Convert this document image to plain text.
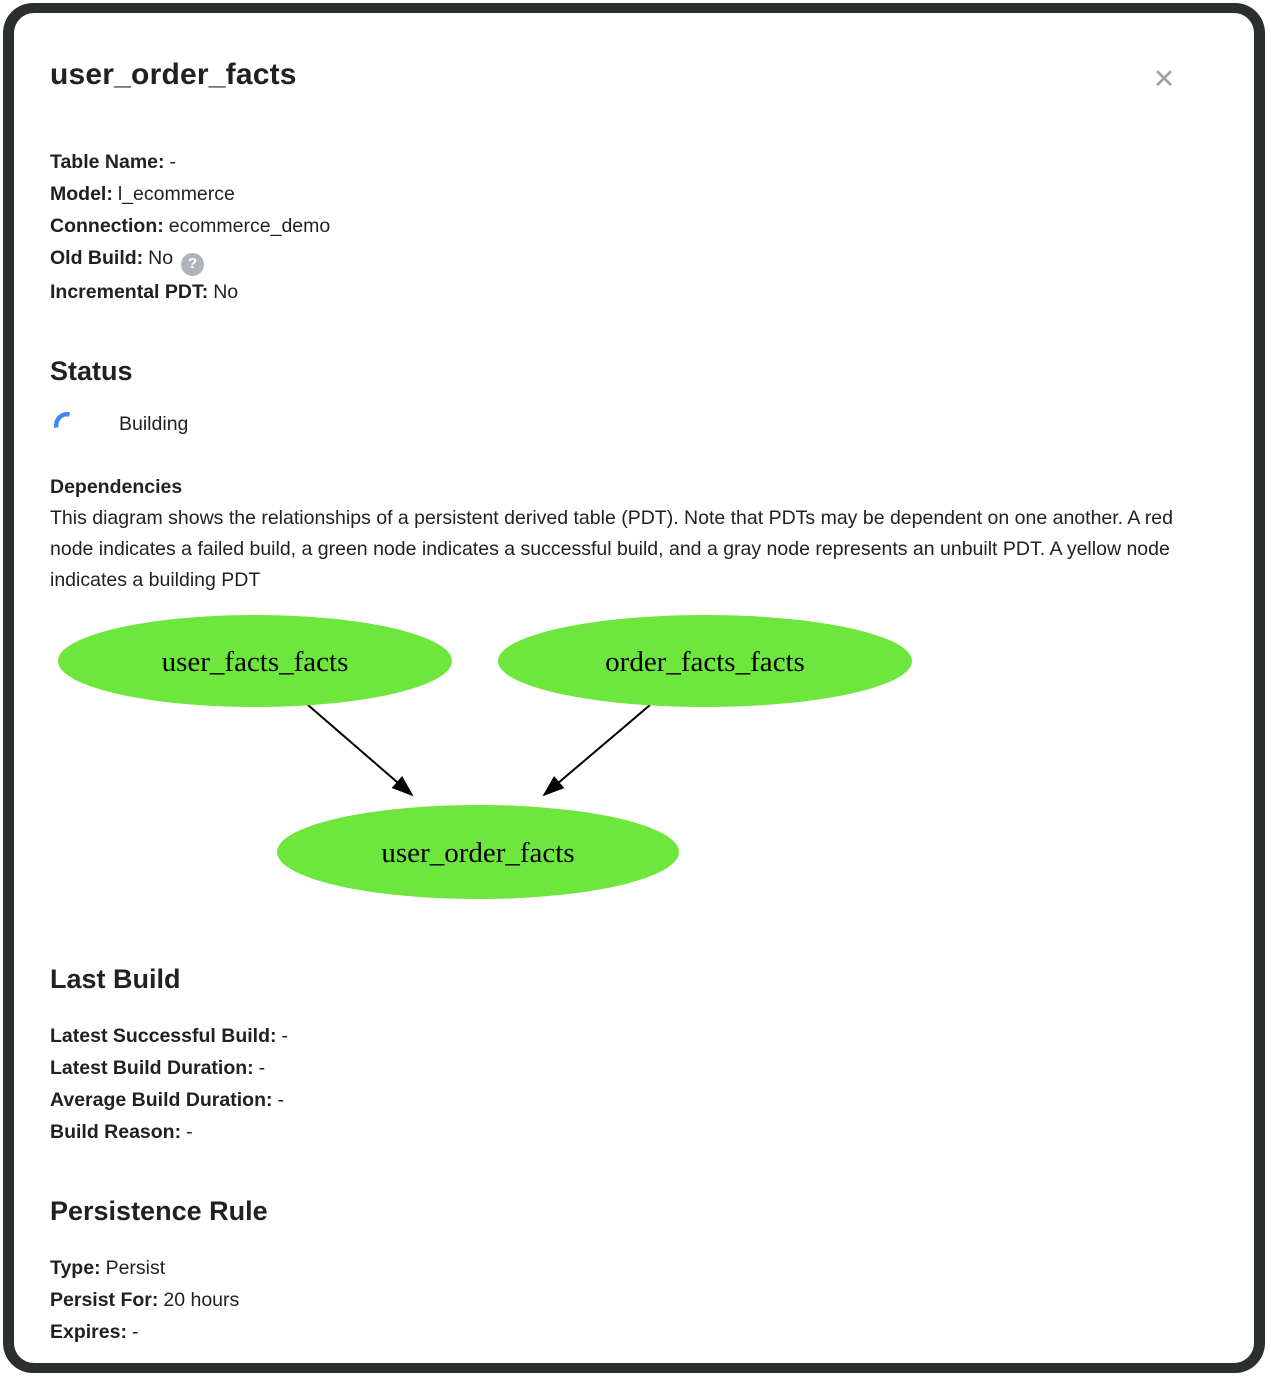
✕
user_order_facts
Table Name: -
Model: l_ecommerce
Connection: ecommerce_demo
Old Build: No ?
Incremental PDT: No
Status
Building
Dependencies
This diagram shows the relationships of a persistent derived table (PDT). Note that PDTs may be dependent on one another. A red node indicates a failed build, a green node indicates a successful build, and a gray node represents an unbuilt PDT. A yellow node indicates a building PDT
user_facts_facts	order_facts_facts
user_order_facts
Last Build
Latest Successful Build: -
Latest Build Duration: -
Average Build Duration: -
Build Reason: -
Persistence Rule
Type: Persist
Persist For: 20 hours
Expires: -
